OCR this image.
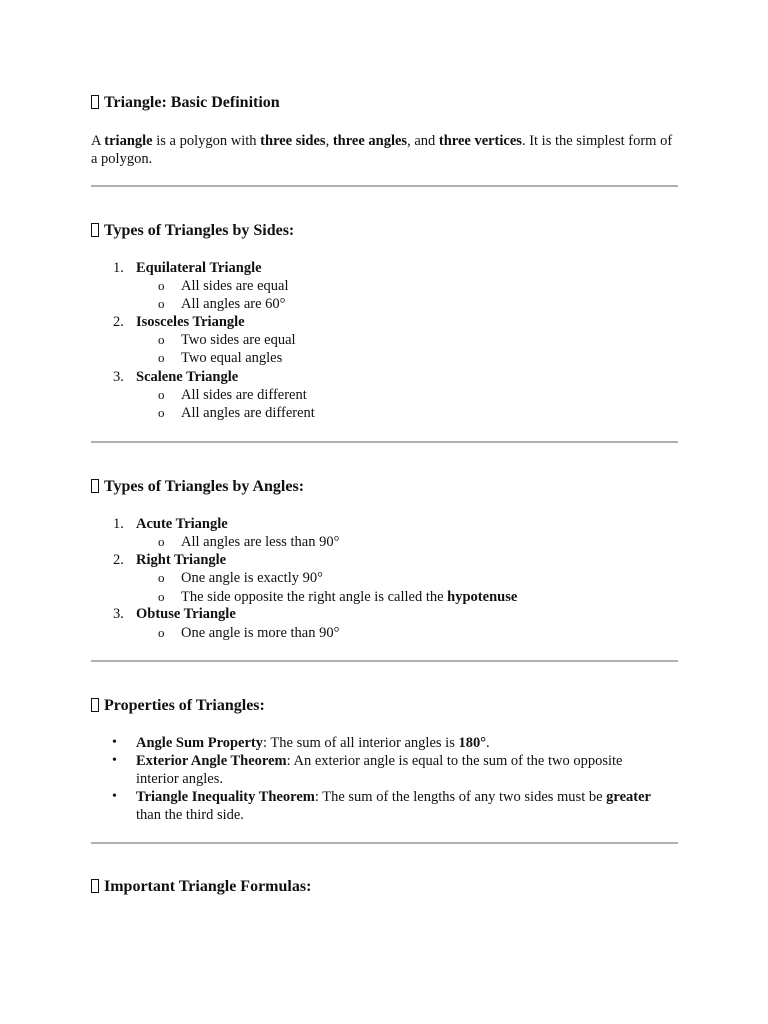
Triangle: Basic Definition
A triangle is a polygon with three sides, three angles, and three vertices. It is the simplest form of a polygon.
Types of Triangles by Sides:
1. Equilateral Triangle
o All sides are equal
o All angles are 60°
2. Isosceles Triangle
o Two sides are equal
o Two equal angles
3. Scalene Triangle
o All sides are different
o All angles are different
Types of Triangles by Angles:
1. Acute Triangle
o All angles are less than 90°
2. Right Triangle
o One angle is exactly 90°
o The side opposite the right angle is called the hypotenuse
3. Obtuse Triangle
o One angle is more than 90°
Properties of Triangles:
• Angle Sum Property: The sum of all interior angles is 180°.
• Exterior Angle Theorem: An exterior angle is equal to the sum of the two opposite
interior angles.
• Triangle Inequality Theorem: The sum of the lengths of any two sides must be greater
than the third side.
Important Triangle Formulas:
